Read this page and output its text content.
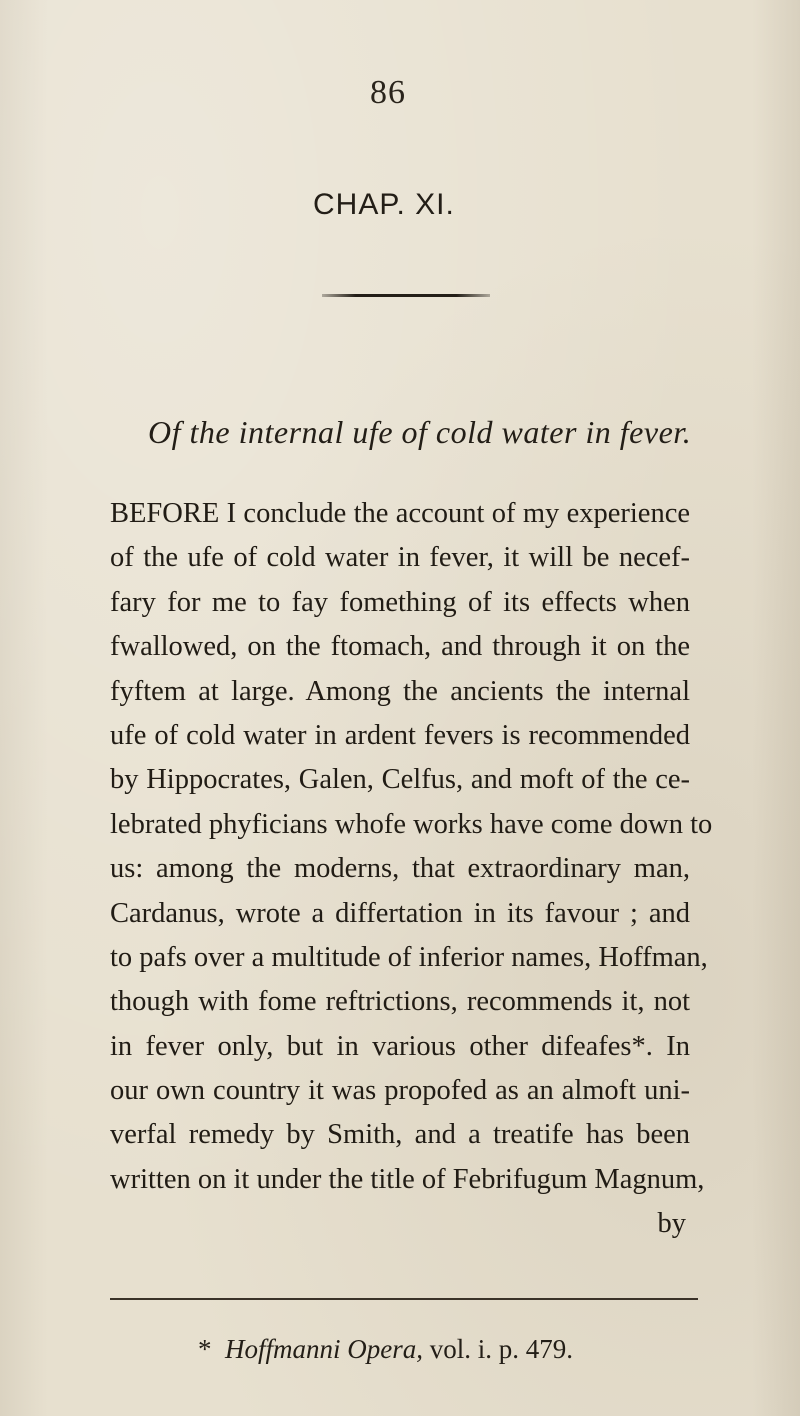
86
CHAP. XI.
Of the internal ufe of cold water in fever.
BEFORE I conclude the account of my experience
of the ufe of cold water in fever, it will be necef-
fary for me to fay fomething of its effects when
fwallowed, on the ftomach, and through it on the
fyftem at large. Among the ancients the internal
ufe of cold water in ardent fevers is recommended
by Hippocrates, Galen, Celfus, and moft of the ce-
lebrated phyficians whofe works have come down to
us: among the moderns, that extraordinary man,
Cardanus, wrote a differtation in its favour ; and
to pafs over a multitude of inferior names, Hoffman,
though with fome reftrictions, recommends it, not
in fever only, but in various other difeafes*. In
our own country it was propofed as an almoft uni-
verfal remedy by Smith, and a treatife has been
written on it under the title of Febrifugum Magnum,
by
* Hoffmanni Opera, vol. i. p. 479.
